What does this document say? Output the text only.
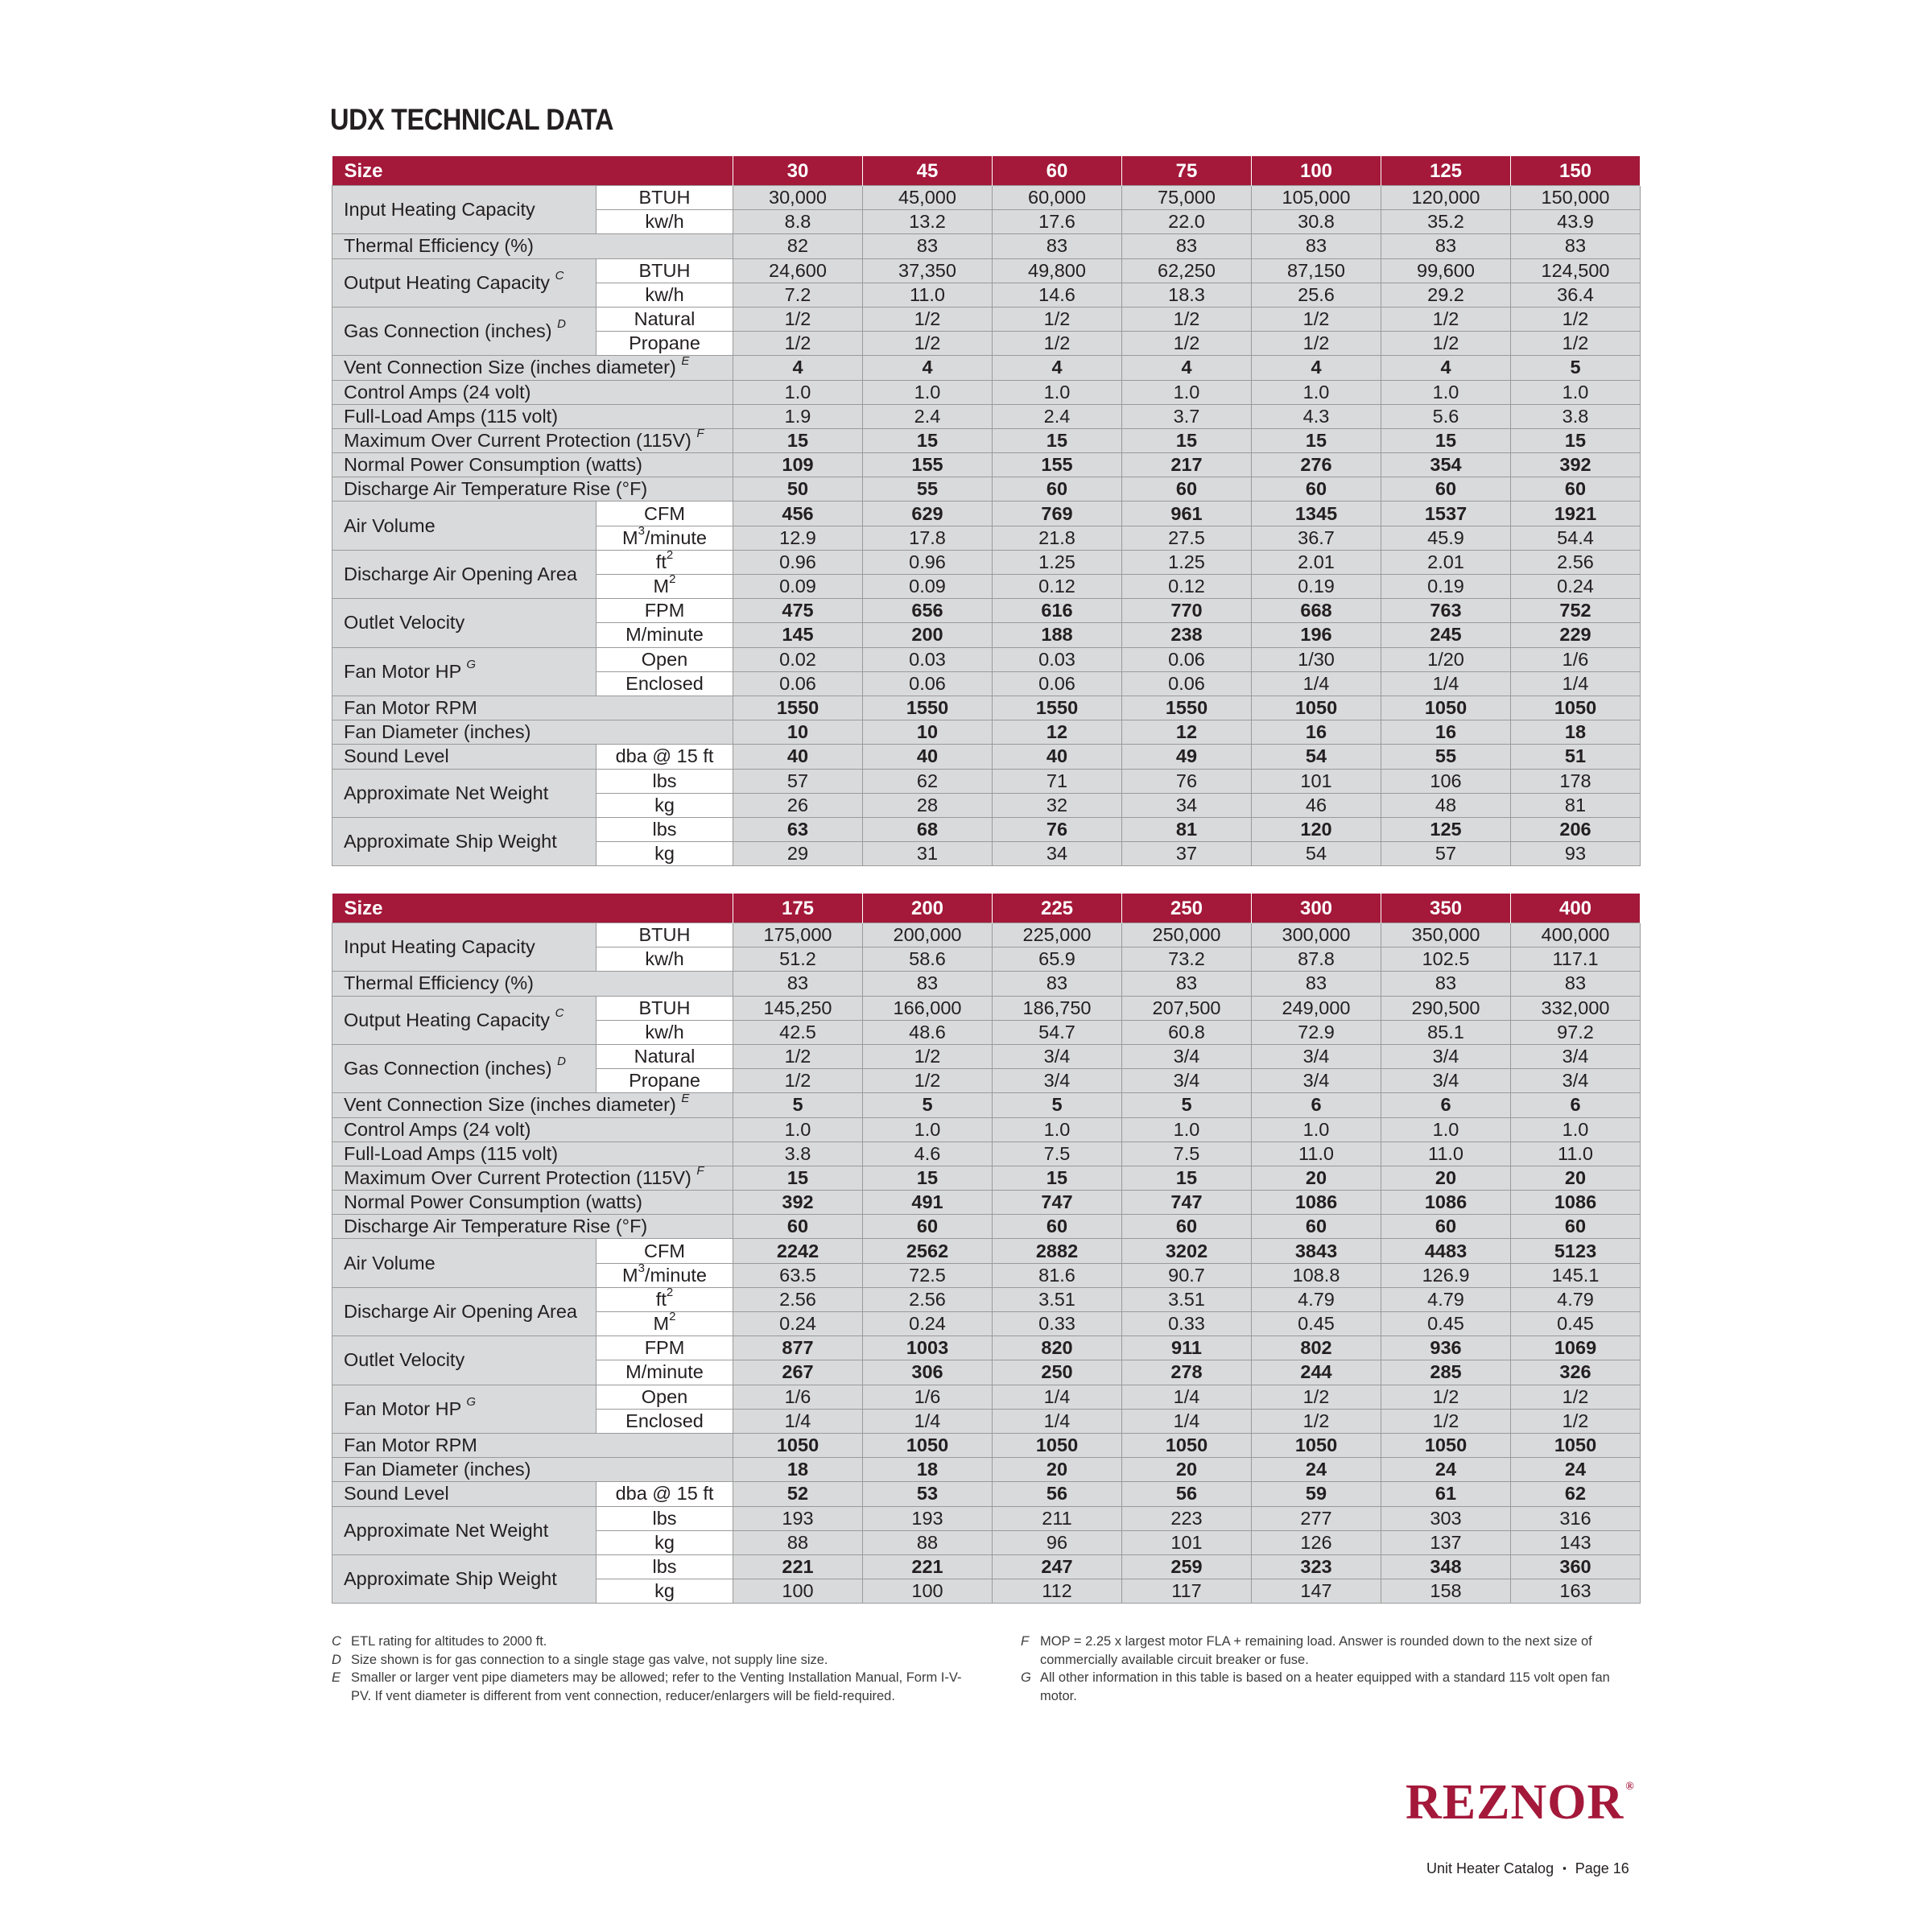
UDX TECHNICAL DATA
Size		30	45	60	75	100	125	150
Input Heating Capacity	BTUH	30,000	45,000	60,000	75,000	105,000	120,000	150,000
	kw/h	8.8	13.2	17.6	22.0	30.8	35.2	43.9
Thermal Efficiency (%)		82	83	83	83	83	83	83
Output Heating Capacity $^C$	BTUH	24,600	37,350	49,800	62,250	87,150	99,600	124,500
	kw/h	7.2	11.0	14.6	18.3	25.6	29.2	36.4
Gas Connection (inches) $^D$	Natural	1/2	1/2	1/2	1/2	1/2	1/2	1/2
	Propane	1/2	1/2	1/2	1/2	1/2	1/2	1/2
Vent Connection Size (inches diameter) $^E$		4	4	4	4	4	4	5
Control Amps (24 volt)		1.0	1.0	1.0	1.0	1.0	1.0	1.0
Full-Load Amps (115 volt)		1.9	2.4	2.4	3.7	4.3	5.6	3.8
Maximum Over Current Protection (115V) $^F$		15	15	15	15	15	15	15
Normal Power Consumption (watts)		109	155	155	217	276	354	392
Discharge Air Temperature Rise (°F)		50	55	60	60	60	60	60
Air Volume	CFM	456	629	769	961	1345	1537	1921
	$M^3$/minute	12.9	17.8	21.8	27.5	36.7	45.9	54.4
Discharge Air Opening Area	$ft^2$	0.96	0.96	1.25	1.25	2.01	2.01	2.56
	$M^2$	0.09	0.09	0.12	0.12	0.19	0.19	0.24
Outlet Velocity	FPM	475	656	616	770	668	763	752
	M/minute	145	200	188	238	196	245	229
Fan Motor HP $^G$	Open	0.02	0.03	0.03	0.06	1/30	1/20	1/6
	Enclosed	0.06	0.06	0.06	0.06	1/4	1/4	1/4
Fan Motor RPM		1550	1550	1550	1550	1050	1050	1050
Fan Diameter (inches)		10	10	12	12	16	16	18
Sound Level	dba @ 15 ft	40	40	40	49	54	55	51
Approximate Net Weight	lbs	57	62	71	76	101	106	178
	kg	26	28	32	34	46	48	81
Approximate Ship Weight	lbs	63	68	76	81	120	125	206
	kg	29	31	34	37	54	57	93
Size		175	200	225	250	300	350	400
Input Heating Capacity	BTUH	175,000	200,000	225,000	250,000	300,000	350,000	400,000
	kw/h	51.2	58.6	65.9	73.2	87.8	102.5	117.1
Thermal Efficiency (%)		83	83	83	83	83	83	83
Output Heating Capacity $^C$	BTUH	145,250	166,000	186,750	207,500	249,000	290,500	332,000
	kw/h	42.5	48.6	54.7	60.8	72.9	85.1	97.2
Gas Connection (inches) $^D$	Natural	1/2	1/2	3/4	3/4	3/4	3/4	3/4
	Propane	1/2	1/2	3/4	3/4	3/4	3/4	3/4
Vent Connection Size (inches diameter) $^E$		5	5	5	5	6	6	6
Control Amps (24 volt)		1.0	1.0	1.0	1.0	1.0	1.0	1.0
Full-Load Amps (115 volt)		3.8	4.6	7.5	7.5	11.0	11.0	11.0
Maximum Over Current Protection (115V) $^F$		15	15	15	15	20	20	20
Normal Power Consumption (watts)		392	491	747	747	1086	1086	1086
Discharge Air Temperature Rise (°F)		60	60	60	60	60	60	60
Air Volume	CFM	2242	2562	2882	3202	3843	4483	5123
	$M^3$/minute	63.5	72.5	81.6	90.7	108.8	126.9	145.1
Discharge Air Opening Area	$ft^2$	2.56	2.56	3.51	3.51	4.79	4.79	4.79
	$M^2$	0.24	0.24	0.33	0.33	0.45	0.45	0.45
Outlet Velocity	FPM	877	1003	820	911	802	936	1069
	M/minute	267	306	250	278	244	285	326
Fan Motor HP $^G$	Open	1/6	1/6	1/4	1/4	1/2	1/2	1/2
	Enclosed	1/4	1/4	1/4	1/4	1/2	1/2	1/2
Fan Motor RPM		1050	1050	1050	1050	1050	1050	1050
Fan Diameter (inches)		18	18	20	20	24	24	24
Sound Level	dba @ 15 ft	52	53	56	56	59	61	62
Approximate Net Weight	lbs	193	193	211	223	277	303	316
	kg	88	88	96	101	126	137	143
Approximate Ship Weight	lbs	221	221	247	259	323	348	360
	kg	100	100	112	117	147	158	163
C ETL rating for altitudes to 2000 ft.
D Size shown is for gas connection to a single stage gas valve, not supply line size.
E Smaller or larger vent pipe diameters may be allowed; refer to the Venting Installation Manual, Form I-V-PV. If vent diameter is different from vent connection, reducer/enlargers will be field-required.
F MOP = 2.25 x largest motor FLA + remaining load. Answer is rounded down to the next size of commercially available circuit breaker or fuse.
G All other information in this table is based on a heater equipped with a standard 115 volt open fan motor.
REZNOR ®
Unit Heater Catalog ▪ Page 16
